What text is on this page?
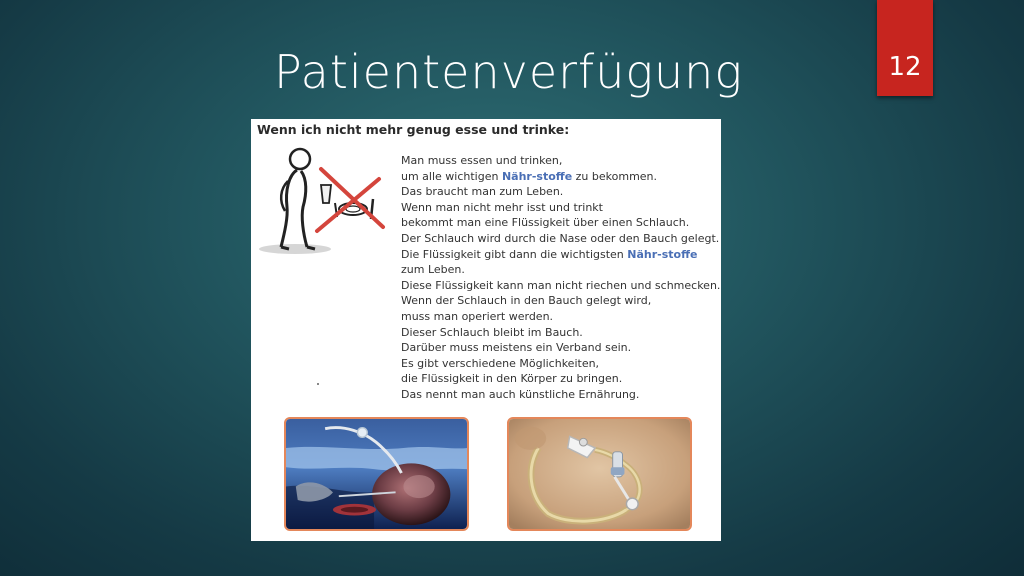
Patientenverfügung	12
Wenn ich nicht mehr genug esse und trinke:
Man muss essen und trinken,
um alle wichtigen Nähr-stoffe zu bekommen.
Das braucht man zum Leben.
Wenn man nicht mehr isst und trinkt
bekommt man eine Flüssigkeit über einen Schlauch.
Der Schlauch wird durch die Nase oder den Bauch gelegt.
Die Flüssigkeit gibt dann die wichtigsten Nähr-stoffe
zum Leben.
Diese Flüssigkeit kann man nicht riechen und schmecken.
Wenn der Schlauch in den Bauch gelegt wird,
muss man operiert werden.
Dieser Schlauch bleibt im Bauch.
Darüber muss meistens ein Verband sein.
Es gibt verschiedene Möglichkeiten,
die Flüssigkeit in den Körper zu bringen.
Das nennt man auch künstliche Ernährung.
